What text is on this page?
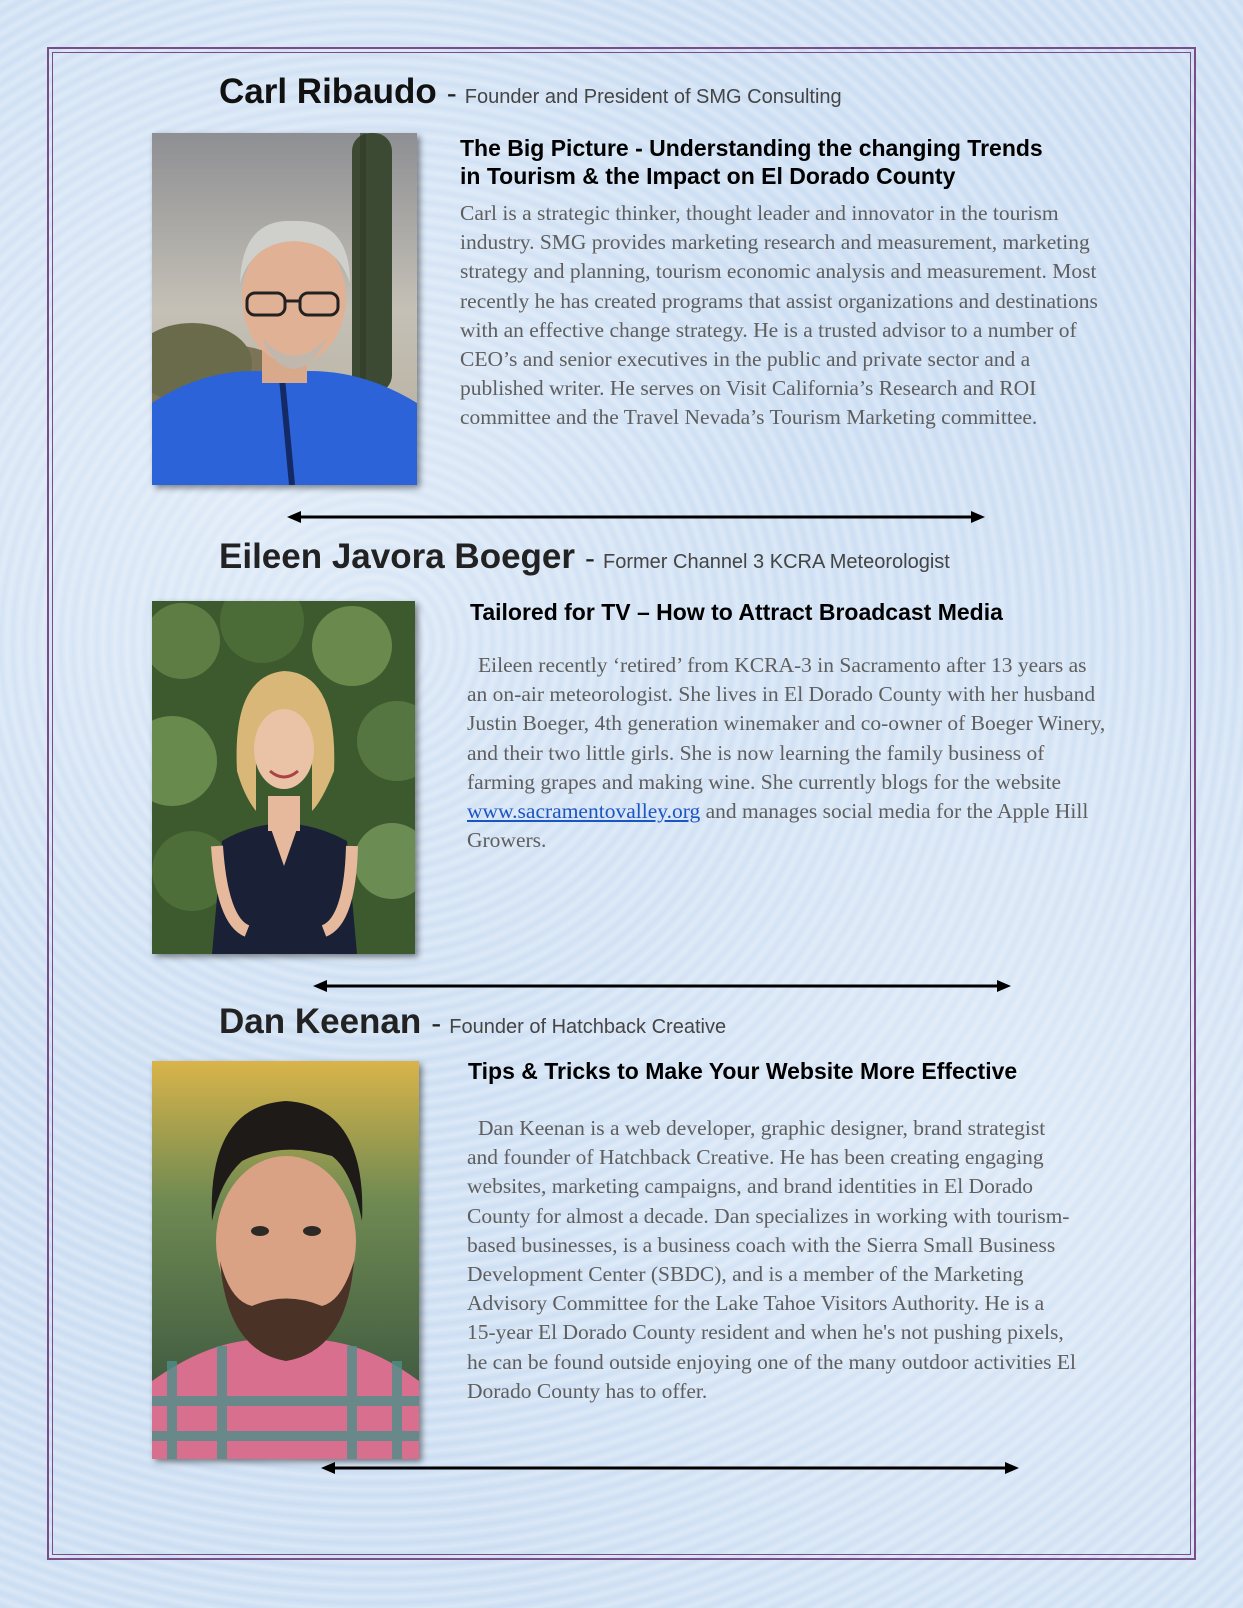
Carl Ribaudo - Founder and President of SMG Consulting
The Big Picture - Understanding the changing Trends
in Tourism & the Impact on El Dorado County
Carl is a strategic thinker, thought leader and innovator in the tourism industry. SMG provides marketing research and measurement, marketing strategy and planning, tourism economic analysis and measurement. Most recently he has created programs that assist organizations and destinations with an effective change strategy. He is a trusted advisor to a number of CEO’s and senior executives in the public and private sector and a published writer. He serves on Visit California’s Research and ROI committee and the Travel Nevada’s Tourism Marketing committee.
Eileen Javora Boeger - Former Channel 3 KCRA Meteorologist
Tailored for TV – How to Attract Broadcast Media
Eileen recently ‘retired’ from KCRA-3 in Sacramento after 13 years as an on-air meteorologist. She lives in El Dorado County with her husband Justin Boeger, 4th generation winemaker and co-owner of Boeger Winery, and their two little girls. She is now learning the family business of farming grapes and making wine. She currently blogs for the website www.sacramentovalley.org and manages social media for the Apple Hill Growers.
Dan Keenan - Founder of Hatchback Creative
Tips & Tricks to Make Your Website More Effective
Dan Keenan is a web developer, graphic designer, brand strategist and founder of Hatchback Creative. He has been creating engaging websites, marketing campaigns, and brand identities in El Dorado County for almost a decade. Dan specializes in working with tourism-based businesses, is a business coach with the Sierra Small Business Development Center (SBDC), and is a member of the Marketing Advisory Committee for the Lake Tahoe Visitors Authority. He is a 15-year El Dorado County resident and when he's not pushing pixels, he can be found outside enjoying one of the many outdoor activities El Dorado County has to offer.
